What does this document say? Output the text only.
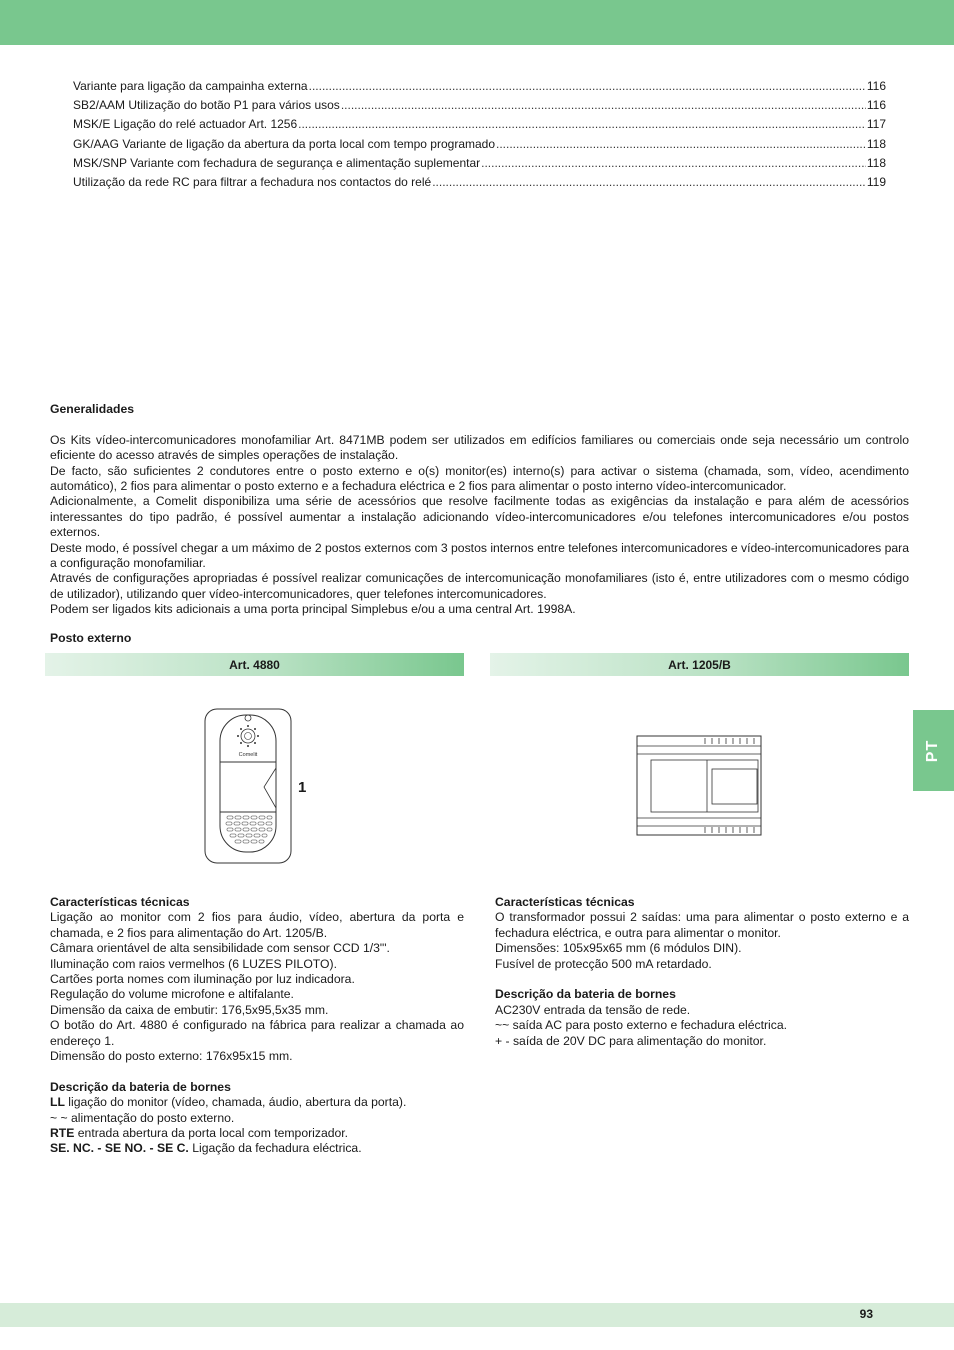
Variante para ligação da campainha externa .....	116
SB2/AAM Utilização do botão P1 para vários usos .....	116
MSK/E Ligação do relé actuador Art. 1256 .....	117
GK/AAG Variante de ligação da abertura da porta local com tempo programado .....	118
MSK/SNP Variante com fechadura de segurança e alimentação suplementar .....	118
Utilização da rede RC para filtrar a fechadura nos contactos do relé .....	119

Generalidades

Os Kits vídeo-intercomunicadores monofamiliar Art. 8471MB podem ser utilizados em edifícios familiares ou comerciais onde seja necessário um controlo eficiente do acesso através de simples operações de instalação.

De facto, são suficientes 2 condutores entre o posto externo e o(s) monitor(es) interno(s) para activar o sistema (chamada, som, vídeo, acendimento automático), 2 fios para alimentar o posto externo e a fechadura eléctrica e 2 fios para alimentar o posto interno vídeo-intercomunicador.

Adicionalmente, a Comelit disponibiliza uma série de acessórios que resolve facilmente todas as exigências da instalação e para além de acessórios interessantes do tipo padrão, é possível aumentar a instalação adicionando vídeo-intercomunicadores e/ou telefones intercomunicadores e/ou postos externos.

Deste modo, é possível chegar a um máximo de 2 postos externos com 3 postos internos entre telefones intercomunicadores e vídeo-intercomunicadores para a configuração monofamiliar.

Através de configurações apropriadas é possível realizar comunicações de intercomunicação monofamiliares (isto é, entre utilizadores com o mesmo código de utilizador), utilizando quer vídeo-intercomunicadores, quer telefones intercomunicadores.

Podem ser ligados kits adicionais a uma porta principal Simplebus e/ou a uma central Art. 1998A.

Posto externo
Art. 4880	Art. 1205/B
Comelit
1

Características técnicas

Ligação ao monitor com 2 fios para áudio, vídeo, abertura da porta e chamada, e 2 fios para alimentação do Art. 1205/B.

Câmara orientável de alta sensibilidade com sensor CCD 1/3"'.

Iluminação com raios vermelhos (6 LUZES PILOTO).

Cartões porta nomes com iluminação por luz indicadora.

Regulação do volume microfone e altifalante.

Dimensão da caixa de embutir: 176,5x95,5x35 mm.

O botão do Art. 4880 é configurado na fábrica para realizar a chamada ao endereço 1.

Dimensão do posto externo: 176x95x15 mm.

Descrição da bateria de bornes

LL ligação do monitor (vídeo, chamada, áudio, abertura da porta).

~ ~ alimentação do posto externo.

RTE entrada abertura da porta local com temporizador.

SE. NC. - SE NO. - SE C. Ligação da fechadura eléctrica.

Características técnicas

O transformador possui 2 saídas: uma para alimentar o posto externo e a fechadura eléctrica, e outra para alimentar o monitor.

Dimensões: 105x95x65 mm (6 módulos DIN).

Fusível de protecção 500 mA retardado.

Descrição da bateria de bornes

AC230V entrada da tensão de rede.

~~ saída AC para posto externo e fechadura eléctrica.

+ - saída de 20V DC para alimentação do monitor.

PT
93
